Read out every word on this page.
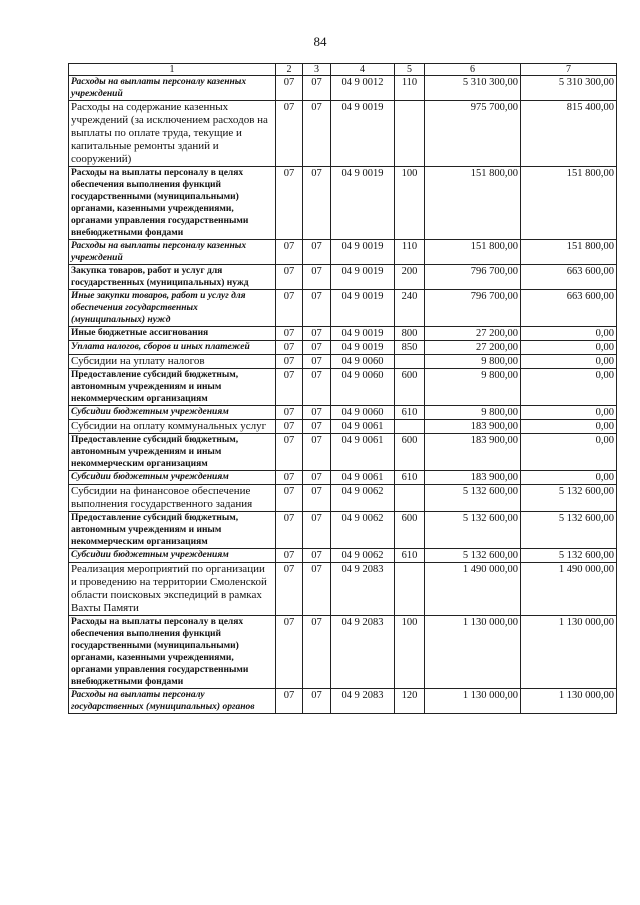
84
1	2	3	4	5	6	7
Расходы на выплаты персоналу казенных учреждений	07	07	04 9 0012	110	5 310 300,00	5 310 300,00
Расходы на содержание казенных учреждений (за исключением расходов на выплаты по оплате труда, текущие и капитальные ремонты зданий и сооружений)	07	07	04 9 0019		975 700,00	815 400,00
Расходы на выплаты персоналу в целях обеспечения выполнения функций государственными (муниципальными) органами, казенными учреждениями, органами управления государственными внебюджетными фондами	07	07	04 9 0019	100	151 800,00	151 800,00
Расходы на выплаты персоналу казенных учреждений	07	07	04 9 0019	110	151 800,00	151 800,00
Закупка товаров, работ и услуг для государственных (муниципальных) нужд	07	07	04 9 0019	200	796 700,00	663 600,00
Иные закупки товаров, работ и услуг для обеспечения государственных (муниципальных) нужд	07	07	04 9 0019	240	796 700,00	663 600,00
Иные бюджетные ассигнования	07	07	04 9 0019	800	27 200,00	0,00
Уплата налогов, сборов и иных платежей	07	07	04 9 0019	850	27 200,00	0,00
Субсидии на уплату налогов	07	07	04 9 0060		9 800,00	0,00
Предоставление субсидий бюджетным, автономным учреждениям и иным некоммерческим организациям	07	07	04 9 0060	600	9 800,00	0,00
Субсидии бюджетным учреждениям	07	07	04 9 0060	610	9 800,00	0,00
Субсидии на оплату коммунальных услуг	07	07	04 9 0061		183 900,00	0,00
Предоставление субсидий бюджетным, автономным учреждениям и иным некоммерческим организациям	07	07	04 9 0061	600	183 900,00	0,00
Субсидии бюджетным учреждениям	07	07	04 9 0061	610	183 900,00	0,00
Субсидии на финансовое обеспечение выполнения государственного задания	07	07	04 9 0062		5 132 600,00	5 132 600,00
Предоставление субсидий бюджетным, автономным учреждениям и иным некоммерческим организациям	07	07	04 9 0062	600	5 132 600,00	5 132 600,00
Субсидии бюджетным учреждениям	07	07	04 9 0062	610	5 132 600,00	5 132 600,00
Реализация мероприятий по организации и проведению на территории Смоленской области поисковых экспедиций в рамках Вахты Памяти	07	07	04 9 2083		1 490 000,00	1 490 000,00
Расходы на выплаты персоналу в целях обеспечения выполнения функций государственными (муниципальными) органами, казенными учреждениями, органами управления государственными внебюджетными фондами	07	07	04 9 2083	100	1 130 000,00	1 130 000,00
Расходы на выплаты персоналу государственных (муниципальных) органов	07	07	04 9 2083	120	1 130 000,00	1 130 000,00
